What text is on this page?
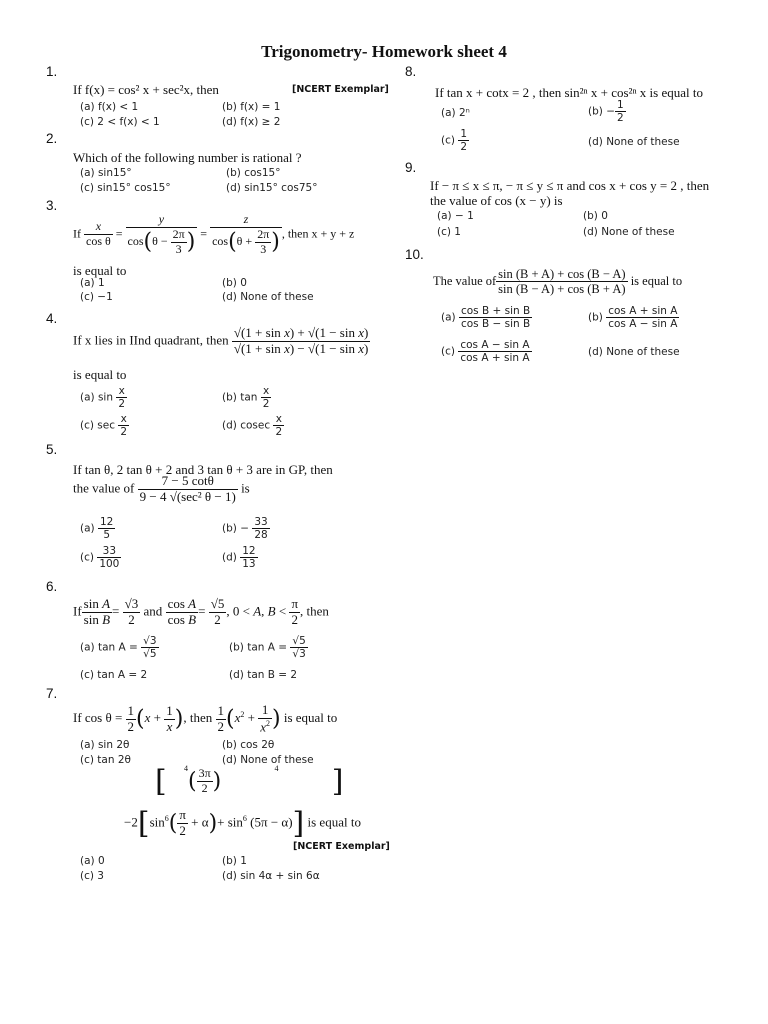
Trigonometry- Homework sheet 4
1.
If f(x) = cos² x + sec²x, then	[NCERT Exemplar]
(a) f(x) < 1	(b) f(x) = 1
(c) 2 < f(x) < 1	(d) f(x) ≥ 2
2.
Which of the following number is rational ?
(a) sin15°	(b) cos15°
(c) sin15° cos15°	(d) sin15° cos75°
3.
If $\frac{x}{\text{cos θ}} = \frac{y}{\cos(\theta - \frac{2\pi}{3} )} = \frac{z}{\cos(\theta + \frac{2\pi}{3} )}$ , then x + y + z
is equal to
(a) 1	(b) 0
(c) −1	(d) None of these
4.
If x lies in IInd quadrant, then $\frac{\text{√(1 + sin x) + √(1 − sin x)}}{\text{√(1 + sin x) − √(1 − sin x)}}$
is equal to
(a) $\sin \frac{x}{2}$	(b) $\tan \frac{x}{2}$
(c) $\sec \frac{x}{2}$	(d) cosec $\frac{x}{2}$
5.
If tan θ, 2 tan θ + 2 and 3 tan θ + 3 are in GP, then
the value of $\frac{7 - 5 \cot\theta}{\text{9 − 4 √(sec² θ − 1)}}$ is
$(a) \frac{12}{5}$	$(b) - \frac{33}{28}$
$(c) \frac{33}{100}$	$(d) \frac{12}{13}$
6.
If $\frac{\text{sin A}}{\text{sin B}} = \frac{√3}{2}$ and $\frac{\text{cos A}}{\text{cos B}} = \frac{√5}{2}$ , 0 < A, $B < \frac{\pi}{2}$ , then
(a) $\tan A = \frac{√3}{√5}$	(b) $\tan A = \frac{√5}{√3}$
(c) tan A = 2	(d) tan B = 2
7.
If $\cos \theta = \frac{1}{2} (x + \frac{1}{x}$ ), then $\frac{1}{2} (x^2 + \frac{1}{x^2}$ ) is equal to
(a) sin 2θ	(b) cos 2θ
(c) tan 2θ	(d) None of these
[ $^4( \frac{3\pi}{2}$ ) $^4$ ]
$-2[\sin^6( \frac{\pi}{2} + \alpha)+ \sin^6 (5\pi - \alpha)]$ is equal to
[NCERT Exemplar]
(a) 0	(b) 1
(c) 3	(d) sin 4α + sin 6α
8.
If tan x + cotx = 2 , then sin²ⁿ x + cos²ⁿ x is equal to
(a) 2ⁿ	$(b) - \frac{1}{2}$
$(c) \frac{1}{2}$	(d) None of these
9.
If − π ≤ x ≤ π, − π ≤ y ≤ π and cos x + cos y = 2 , then
the value of cos (x − y) is
(a) − 1	(b) 0
(c) 1	(d) None of these
10.
The value of $\frac{\sin (B + A) + \cos (B - A)}{\sin (B - A) + \cos (B + A)}$ is equal to
$(a) \frac{\text{cos B + sin B}}{\text{cos B − sin B}}$	$(b) \frac{\text{cos A + sin A}}{\text{cos A − sin A}}$
$(c) \frac{\text{cos A − sin A}}{\text{cos A + sin A}}$	(d) None of these
